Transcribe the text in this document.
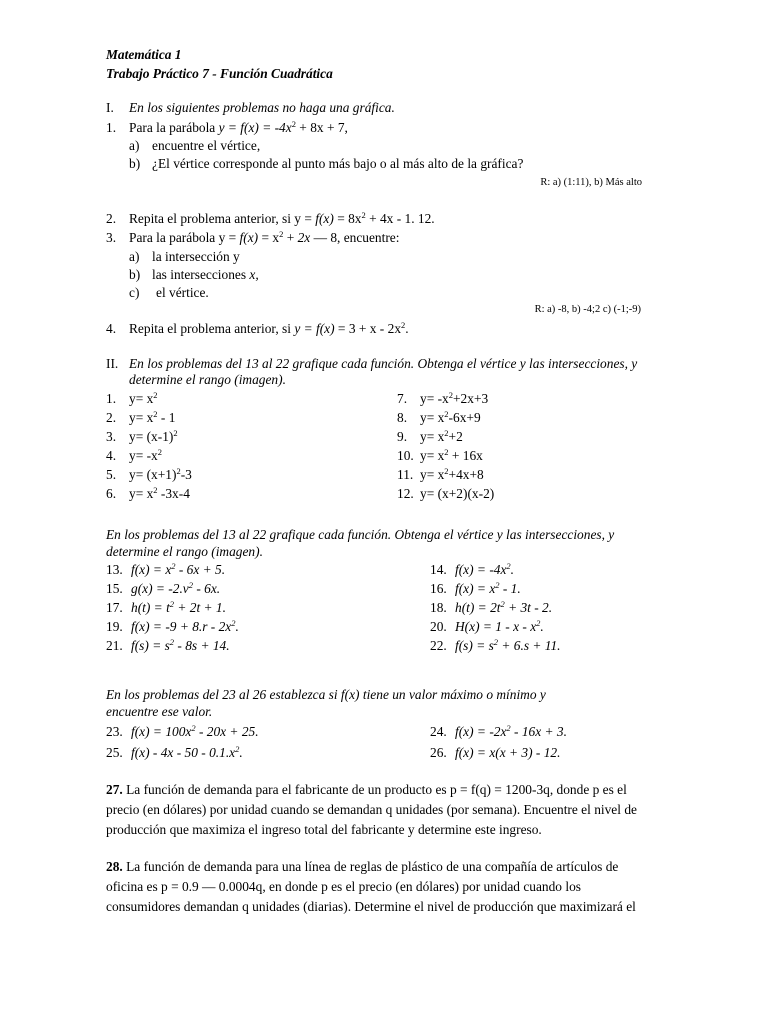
Matemática 1
Trabajo Práctico 7 - Función Cuadrática
I. En los siguientes problemas no haga una gráfica.
1. Para la parábola $y = f(x) = -4x^2 + 8x + 7$,
a) encuentre el vértice,
b) ¿El vértice corresponde al punto más bajo o al más alto de la gráfica?
R: a) (1:11), b) Más alto
2. Repita el problema anterior, si $y = f(x) = 8x^2 + 4x - 1$. 12.
3. Para la parábola $y = f(x) = x^2 + 2x$ — 8, encuentre:
a) la intersección y
b) las intersecciones x,
c) el vértice.
R: a) -8, b) -4;2 c) (-1;-9)
4. Repita el problema anterior, si $y = f(x) = 3 + x - 2x^2$.
II. En los problemas del 13 al 22 grafique cada función. Obtenga el vértice y las intersecciones, y
determine el rango (imagen).
1. $y= x^2$
2. $y= x^2 - 1$
3. $y= (x-1)^2$
4. $y= -x^2$
5. $y= (x+1)^2-3$
6. $y= x^2$ -3x-4
7. $y= -x^2+2x+3$
8. $y= x^2-6x+9$
9. $y= x^2+2$
10. $y= x^2 + 16x$
11. $y= x^2+4x+8$
12. y= (x+2)(x-2)
En los problemas del 13 al 22 grafique cada función. Obtenga el vértice y las intersecciones, y
determine el rango (imagen).
13. $f(x) = x^2 - 6x + 5$.
15. $g(x) = -2.v^2 - 6x$.
17. $h(t) = t^2 + 2t + 1$.
19. $f(x) = -9 + 8.r - 2x^2$.
21. $f(s) = s^2 - 8s + 14$.
14. $f(x) = -4x^2$.
16. $f(x) = x^2 - 1$.
18. $h(t) = 2t^2 + 3t - 2$.
20. $H(x) = 1 - x - x^2$.
22. $f(s) = s^2 + 6.s + 11$.
En los problemas del 23 al 26 establezca si f(x) tiene un valor máximo o mínimo y
encuentre ese valor.
23. $f(x) = 100x^2 - 20x + 25$.
25. $f(x) - 4x - 50 - 0.1.x^2$.
24. $f(x) = -2x^2 - 16x + 3$.
26. f(x) = x(x + 3) - 12.
27. La función de demanda para el fabricante de un producto es p = f(q) = 1200-3q, donde p es el
precio (en dólares) por unidad cuando se demandan q unidades (por semana). Encuentre el nivel de
producción que maximiza el ingreso total del fabricante y determine este ingreso.
28. La función de demanda para una línea de reglas de plástico de una compañía de artículos de
oficina es p = 0.9 — 0.0004q, en donde p es el precio (en dólares) por unidad cuando los
consumidores demandan q unidades (diarias). Determine el nivel de producción que maximizará el
